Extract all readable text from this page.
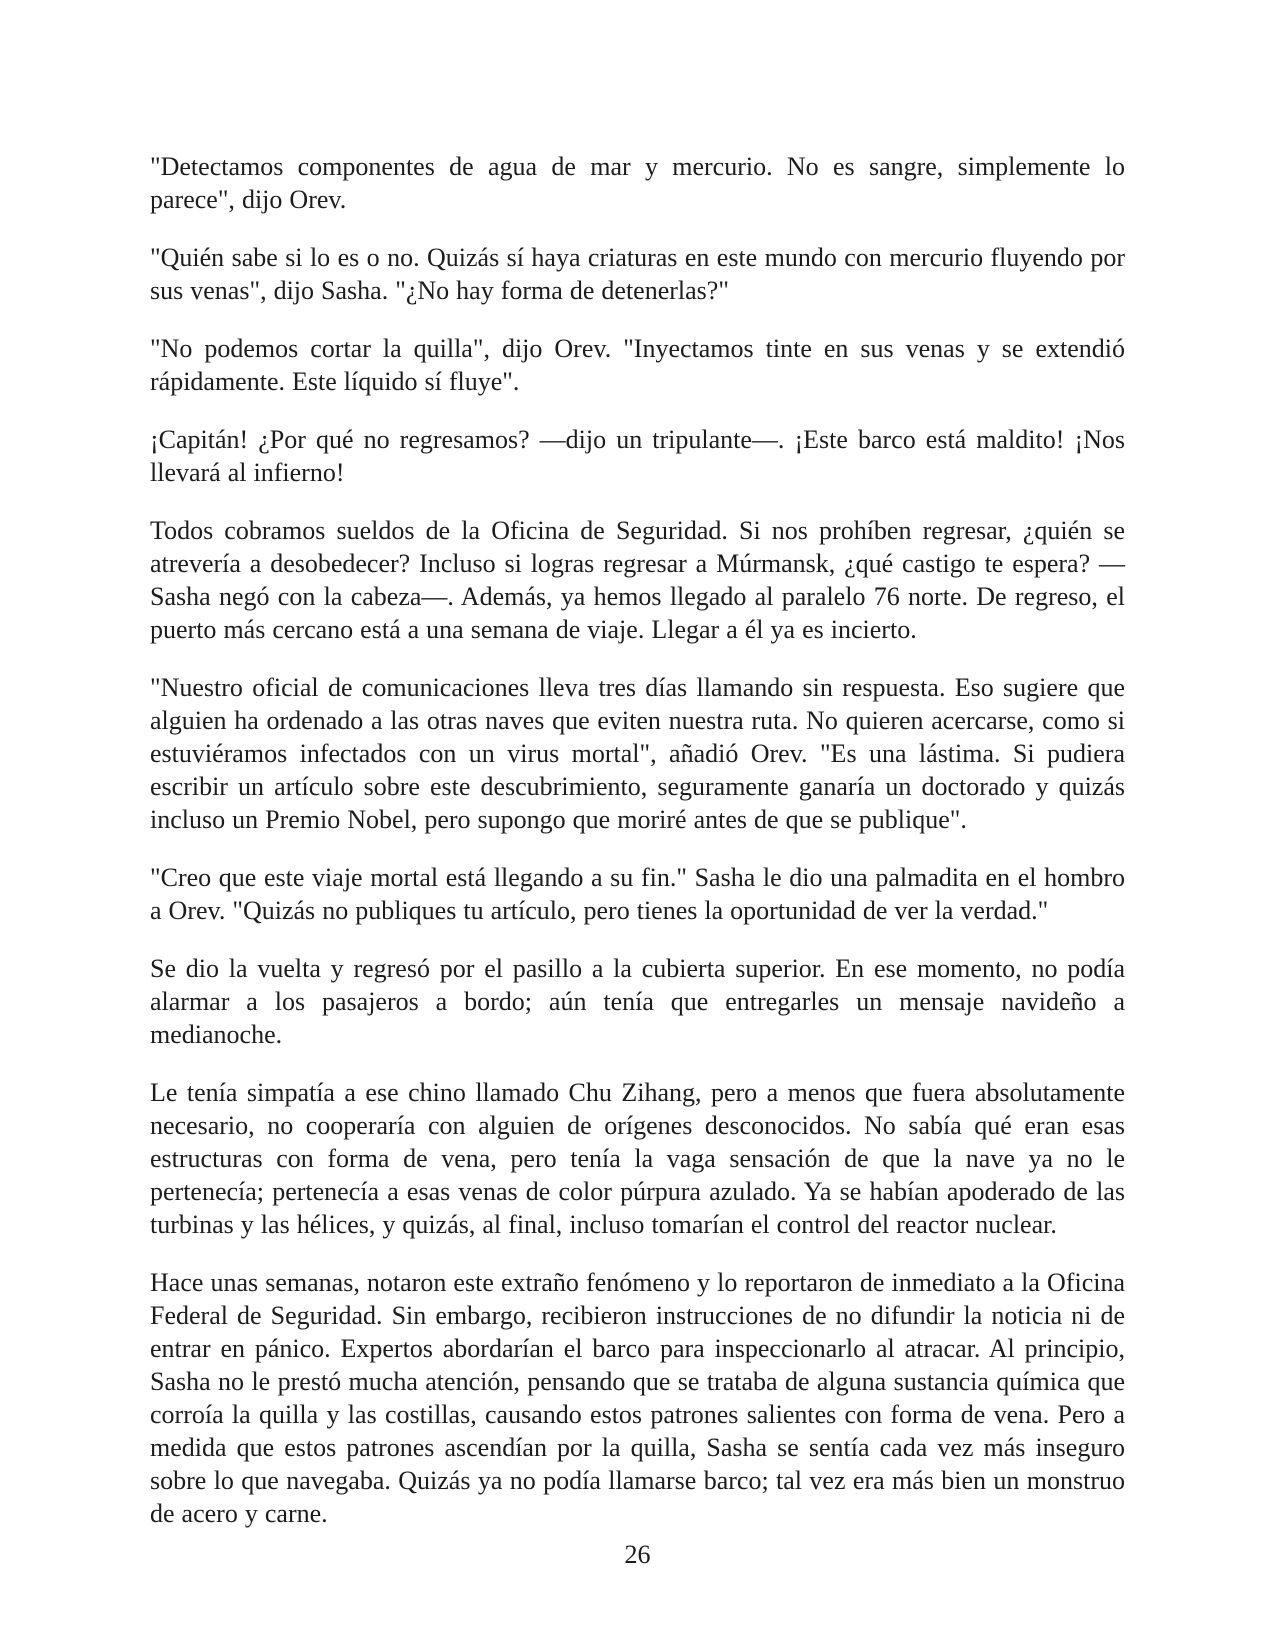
"Detectamos componentes de agua de mar y mercurio. No es sangre, simplemente lo parece", dijo Orev.

"Quién sabe si lo es o no. Quizás sí haya criaturas en este mundo con mercurio fluyendo por sus venas", dijo Sasha. "¿No hay forma de detenerlas?"

"No podemos cortar la quilla", dijo Orev. "Inyectamos tinte en sus venas y se extendió rápidamente. Este líquido sí fluye".

¡Capitán! ¿Por qué no regresamos? —dijo un tripulante—. ¡Este barco está maldito! ¡Nos llevará al infierno!

Todos cobramos sueldos de la Oficina de Seguridad. Si nos prohíben regresar, ¿quién se atrevería a desobedecer? Incluso si logras regresar a Múrmansk, ¿qué castigo te espera? —Sasha negó con la cabeza—. Además, ya hemos llegado al paralelo 76 norte. De regreso, el puerto más cercano está a una semana de viaje. Llegar a él ya es incierto.

"Nuestro oficial de comunicaciones lleva tres días llamando sin respuesta. Eso sugiere que alguien ha ordenado a las otras naves que eviten nuestra ruta. No quieren acercarse, como si estuviéramos infectados con un virus mortal", añadió Orev. "Es una lástima. Si pudiera escribir un artículo sobre este descubrimiento, seguramente ganaría un doctorado y quizás incluso un Premio Nobel, pero supongo que moriré antes de que se publique".

"Creo que este viaje mortal está llegando a su fin." Sasha le dio una palmadita en el hombro a Orev. "Quizás no publiques tu artículo, pero tienes la oportunidad de ver la verdad."

Se dio la vuelta y regresó por el pasillo a la cubierta superior. En ese momento, no podía alarmar a los pasajeros a bordo; aún tenía que entregarles un mensaje navideño a medianoche.

Le tenía simpatía a ese chino llamado Chu Zihang, pero a menos que fuera absolutamente necesario, no cooperaría con alguien de orígenes desconocidos. No sabía qué eran esas estructuras con forma de vena, pero tenía la vaga sensación de que la nave ya no le pertenecía; pertenecía a esas venas de color púrpura azulado. Ya se habían apoderado de las turbinas y las hélices, y quizás, al final, incluso tomarían el control del reactor nuclear.

Hace unas semanas, notaron este extraño fenómeno y lo reportaron de inmediato a la Oficina Federal de Seguridad. Sin embargo, recibieron instrucciones de no difundir la noticia ni de entrar en pánico. Expertos abordarían el barco para inspeccionarlo al atracar. Al principio, Sasha no le prestó mucha atención, pensando que se trataba de alguna sustancia química que corroía la quilla y las costillas, causando estos patrones salientes con forma de vena. Pero a medida que estos patrones ascendían por la quilla, Sasha se sentía cada vez más inseguro sobre lo que navegaba. Quizás ya no podía llamarse barco; tal vez era más bien un monstruo de acero y carne.

26
